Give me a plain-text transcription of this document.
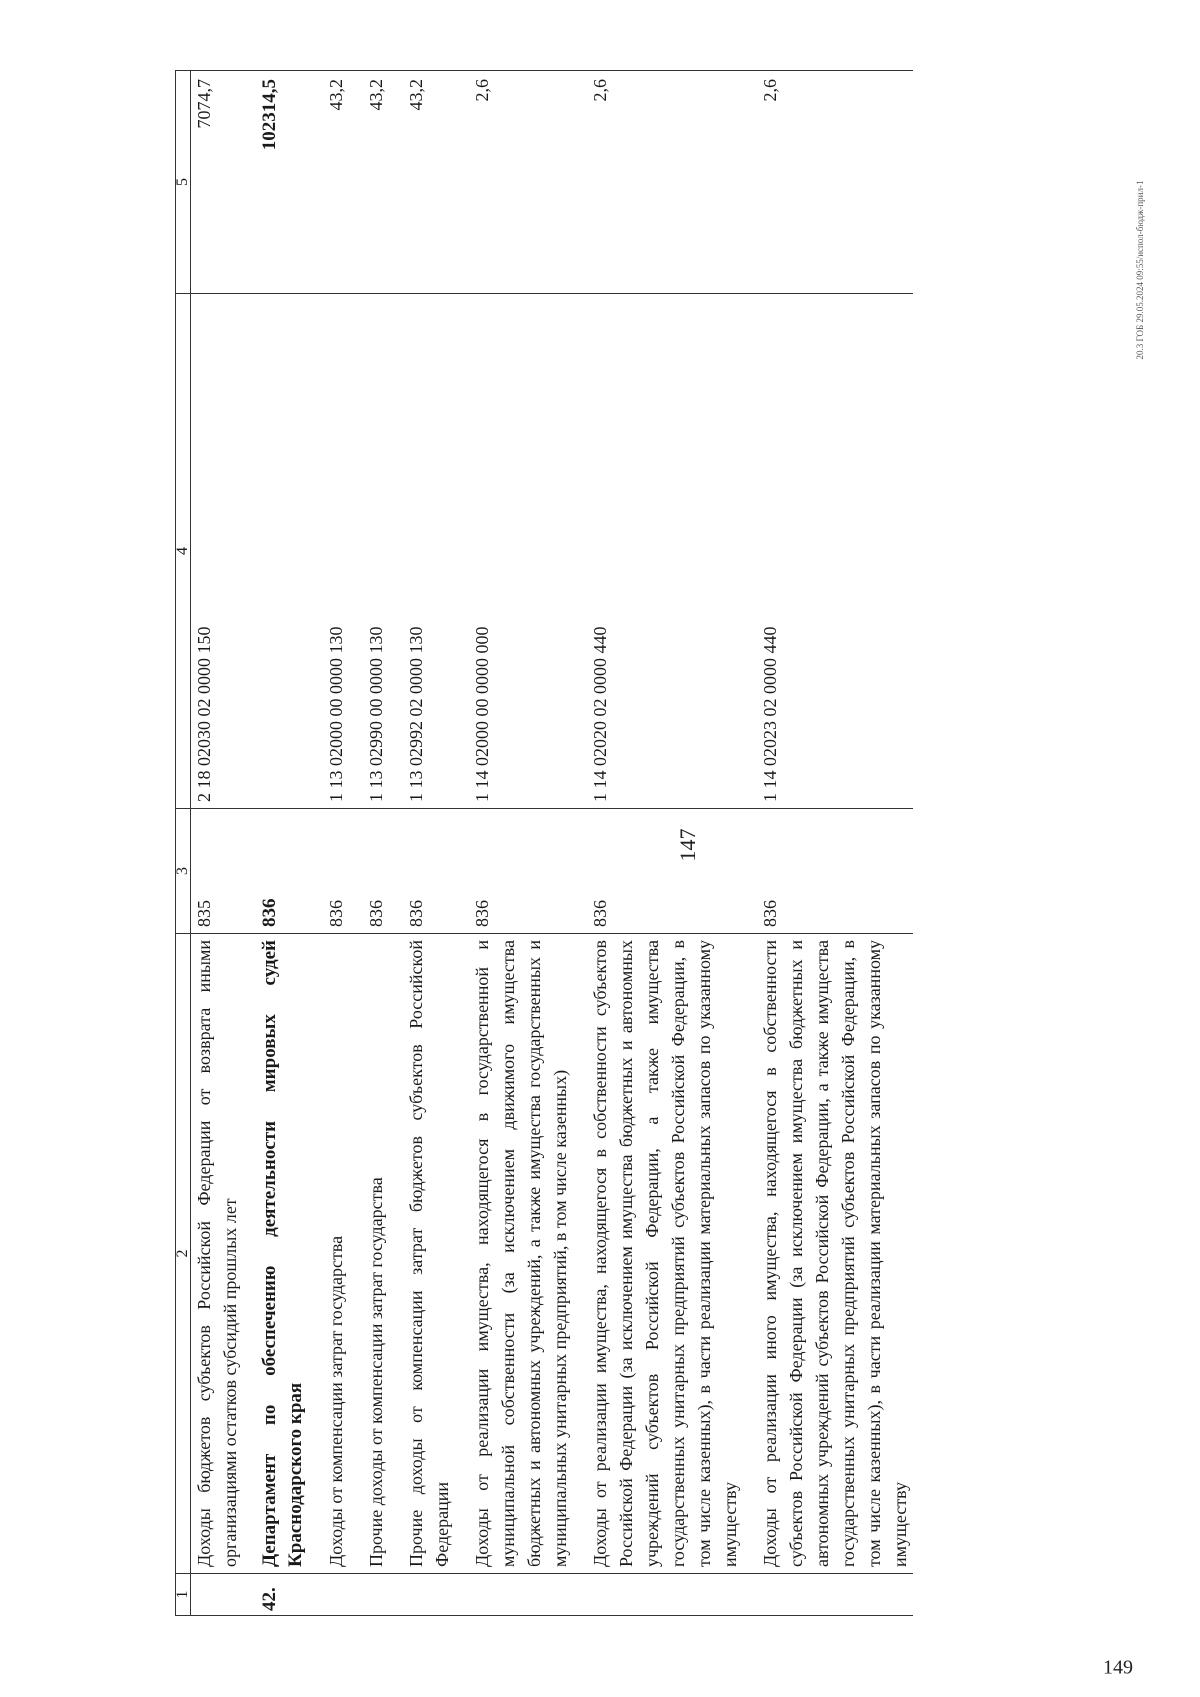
147
1	2	3	4	5
	Доходы бюджетов субъектов Российской Федерации от возврата иными организациями остатков субсидий прошлых лет	835	2 18 02030 02 0000 150	7074,7

42.	Департамент по обеспечению деятельности мировых судей Краснодарского края	836		102314,5

	Доходы от компенсации затрат государства	836	1 13 02000 00 0000 130	43,2

	Прочие доходы от компенсации затрат государства	836	1 13 02990 00 0000 130	43,2

	Прочие доходы от компенсации затрат бюджетов субъектов Российской Федерации	836	1 13 02992 02 0000 130	43,2

	Доходы от реализации имущества, находящегося в государственной и муниципальной собственности (за исключением движимого имущества бюджетных и автономных учреждений, а также имущества государственных и муниципальных унитарных предприятий, в том числе казенных)	836	1 14 02000 00 0000 000	2,6

	Доходы от реализации имущества, находящегося в собственности субъектов Российской Федерации (за исключением имущества бюджетных и автономных учреждений субъектов Российской Федерации, а также имущества государственных унитарных предприятий субъектов Российской Федерации, в том числе казенных), в части реализации материальных запасов по указанному имуществу	836	1 14 02020 02 0000 440	2,6

	Доходы от реализации иного имущества, находящегося в собственности субъектов Российской Федерации (за исключением имущества бюджетных и автономных учреждений субъектов Российской Федерации, а также имущества государственных унитарных предприятий субъектов Российской Федерации, в том числе казенных), в части реализации материальных запасов по указанному имуществу	836	1 14 02023 02 0000 440	2,6
20.3 ГОБ 29.05.2024 09:55/испол-бюдж-прил-1
149
